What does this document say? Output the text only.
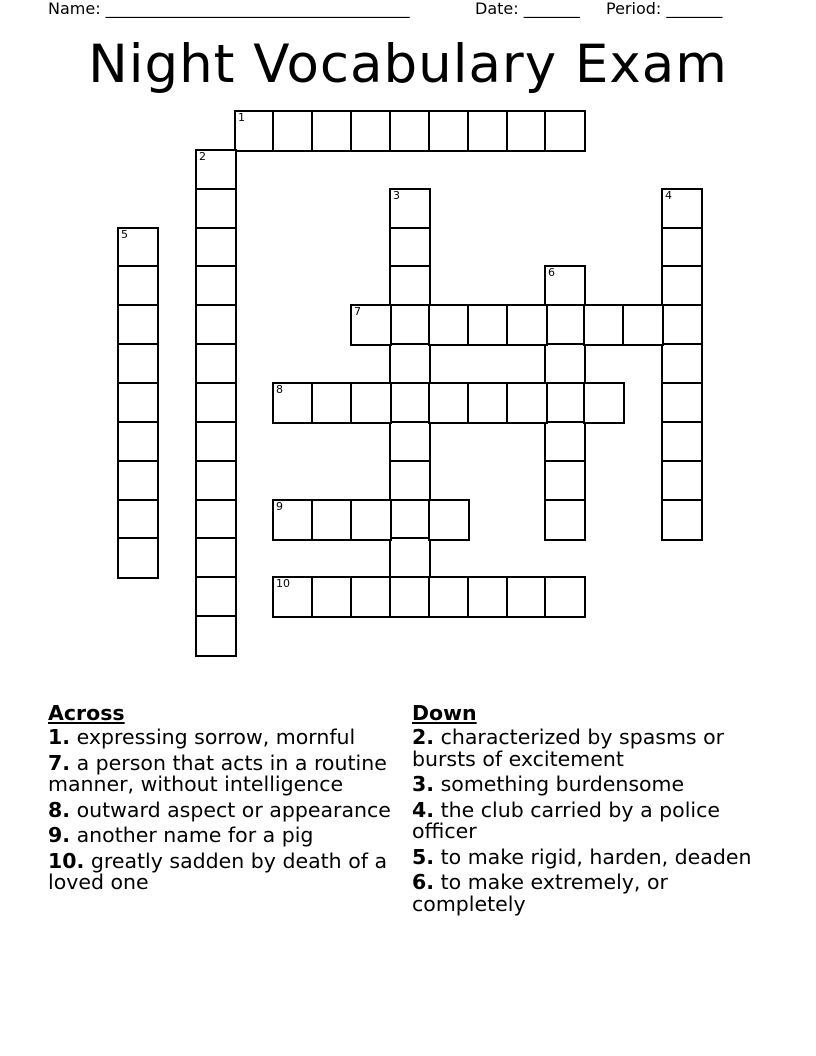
Name: ______________________________________

	Date: _______

Period: _______

Night Vocabulary Exam
1
2
3	4
5
6
7
8
9
10
Across
1. expressing sorrow, mornful
7. a person that acts in a routine manner, without intelligence
8. outward aspect or appearance
9. another name for a pig
10. greatly sadden by death of a loved one
Down
2. characterized by spasms or bursts of excitement
3. something burdensome
4. the club carried by a police officer
5. to make rigid, harden, deaden
6. to make extremely, or completely
